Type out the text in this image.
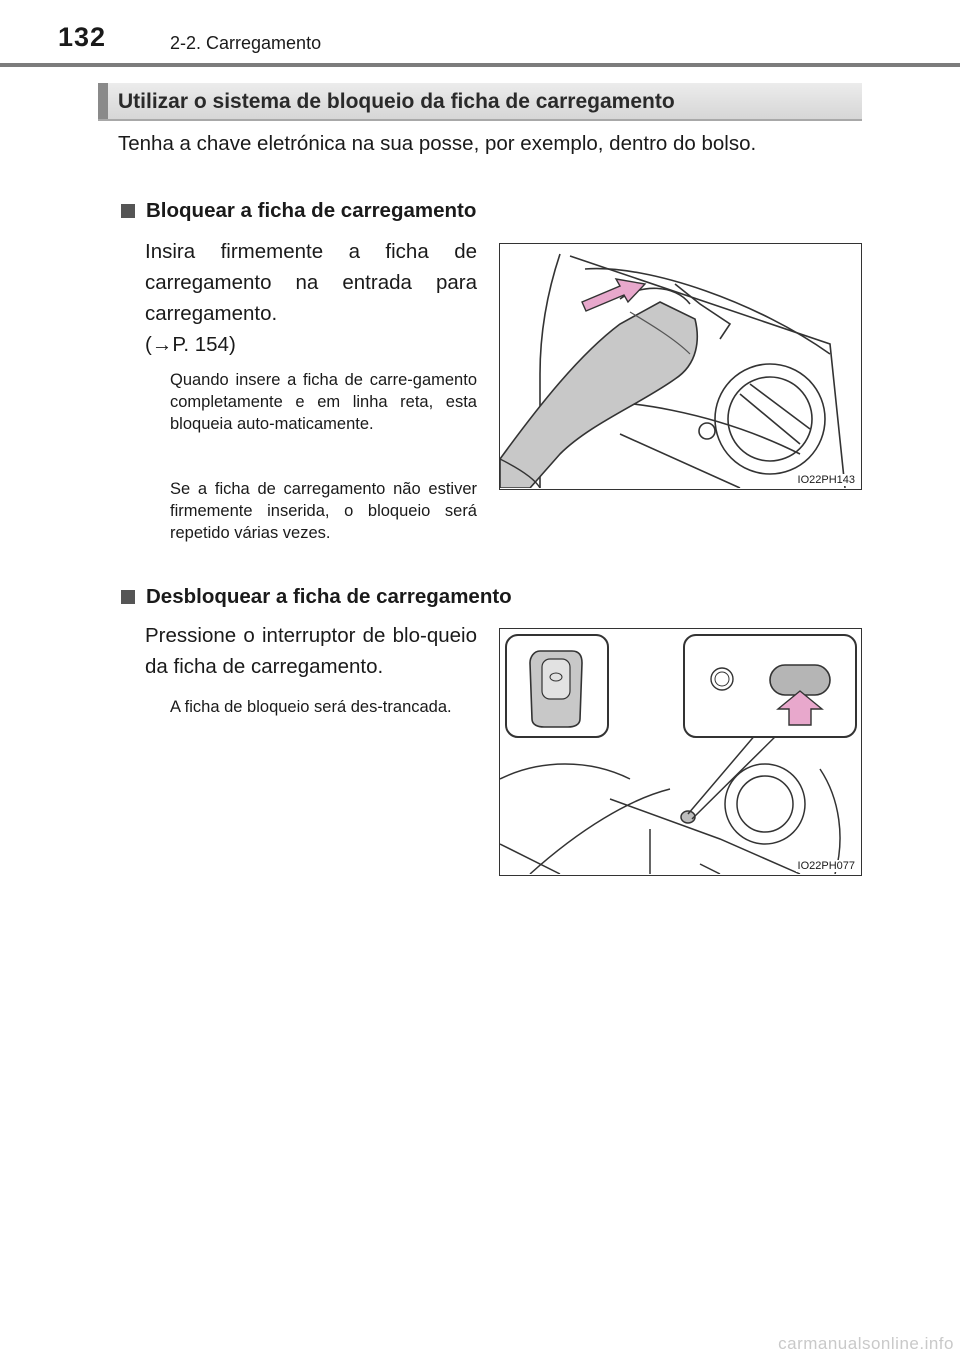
132	2-2. Carregamento
Utilizar o sistema de bloqueio da ficha de carregamento
Tenha a chave eletrónica na sua posse, por exemplo, dentro do bolso.
Bloquear a ficha de carregamento
Insira firmemente a ficha de carregamento na entrada para carregamento.
(→P. 154)
Quando insere a ficha de carre-gamento completamente e em linha reta, esta bloqueia auto-maticamente.
Se a ficha de carregamento não estiver firmemente inserida, o bloqueio será repetido várias vezes.
IO22PH143
Desbloquear a ficha de carregamento
Pressione o interruptor de blo-queio da ficha de carregamento.
A ficha de bloqueio será des-trancada.
IO22PH077
carmanualsonline.info
